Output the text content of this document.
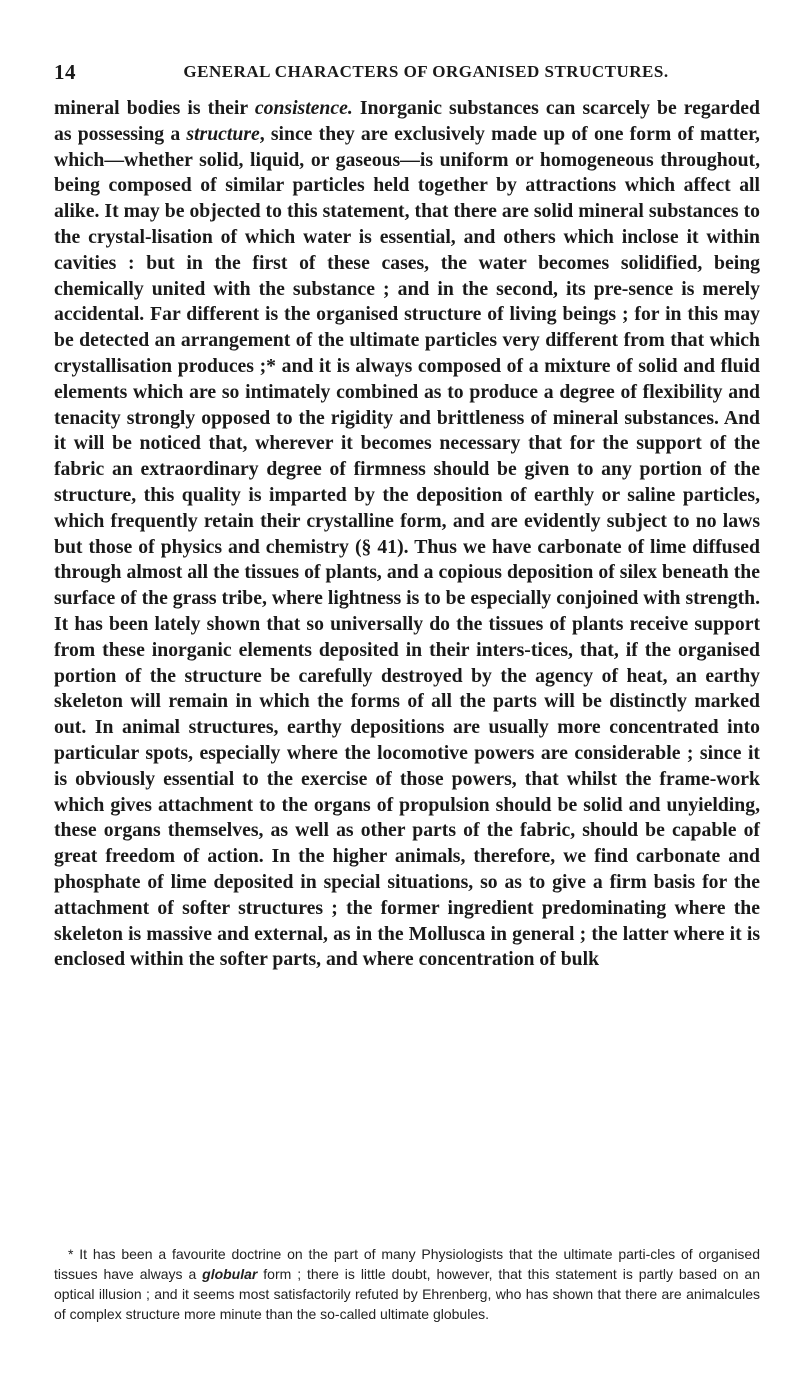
14	GENERAL CHARACTERS OF ORGANISED STRUCTURES.

mineral bodies is their consistence. Inorganic substances can scarcely be regarded as possessing a structure, since they are exclusively made up of one form of matter, which—whether solid, liquid, or gaseous—is uniform or homogeneous throughout, being composed of similar particles held together by attractions which affect all alike. It may be objected to this statement, that there are solid mineral substances to the crystal-lisation of which water is essential, and others which inclose it within cavities : but in the first of these cases, the water becomes solidified, being chemically united with the substance ; and in the second, its pre-sence is merely accidental. Far different is the organised structure of living beings ; for in this may be detected an arrangement of the ultimate particles very different from that which crystallisation produces ;* and it is always composed of a mixture of solid and fluid elements which are so intimately combined as to produce a degree of flexibility and tenacity strongly opposed to the rigidity and brittleness of mineral substances. And it will be noticed that, wherever it becomes necessary that for the support of the fabric an extraordinary degree of firmness should be given to any portion of the structure, this quality is imparted by the deposition of earthly or saline particles, which frequently retain their crystalline form, and are evidently subject to no laws but those of physics and chemistry (§ 41). Thus we have carbonate of lime diffused through almost all the tissues of plants, and a copious deposition of silex beneath the surface of the grass tribe, where lightness is to be especially conjoined with strength. It has been lately shown that so universally do the tissues of plants receive support from these inorganic elements deposited in their inters-tices, that, if the organised portion of the structure be carefully destroyed by the agency of heat, an earthy skeleton will remain in which the forms of all the parts will be distinctly marked out. In animal structures, earthy depositions are usually more concentrated into particular spots, especially where the locomotive powers are considerable ; since it is obviously essential to the exercise of those powers, that whilst the frame-work which gives attachment to the organs of propulsion should be solid and unyielding, these organs themselves, as well as other parts of the fabric, should be capable of great freedom of action. In the higher animals, therefore, we find carbonate and phosphate of lime deposited in special situations, so as to give a firm basis for the attachment of softer structures ; the former ingredient predominating where the skeleton is massive and external, as in the Mollusca in general ; the latter where it is enclosed within the softer parts, and where concentration of bulk

* It has been a favourite doctrine on the part of many Physiologists that the ultimate parti-cles of organised tissues have always a globular form ; there is little doubt, however, that this statement is partly based on an optical illusion ; and it seems most satisfactorily refuted by Ehrenberg, who has shown that there are animalcules of complex structure more minute than the so-called ultimate globules.
